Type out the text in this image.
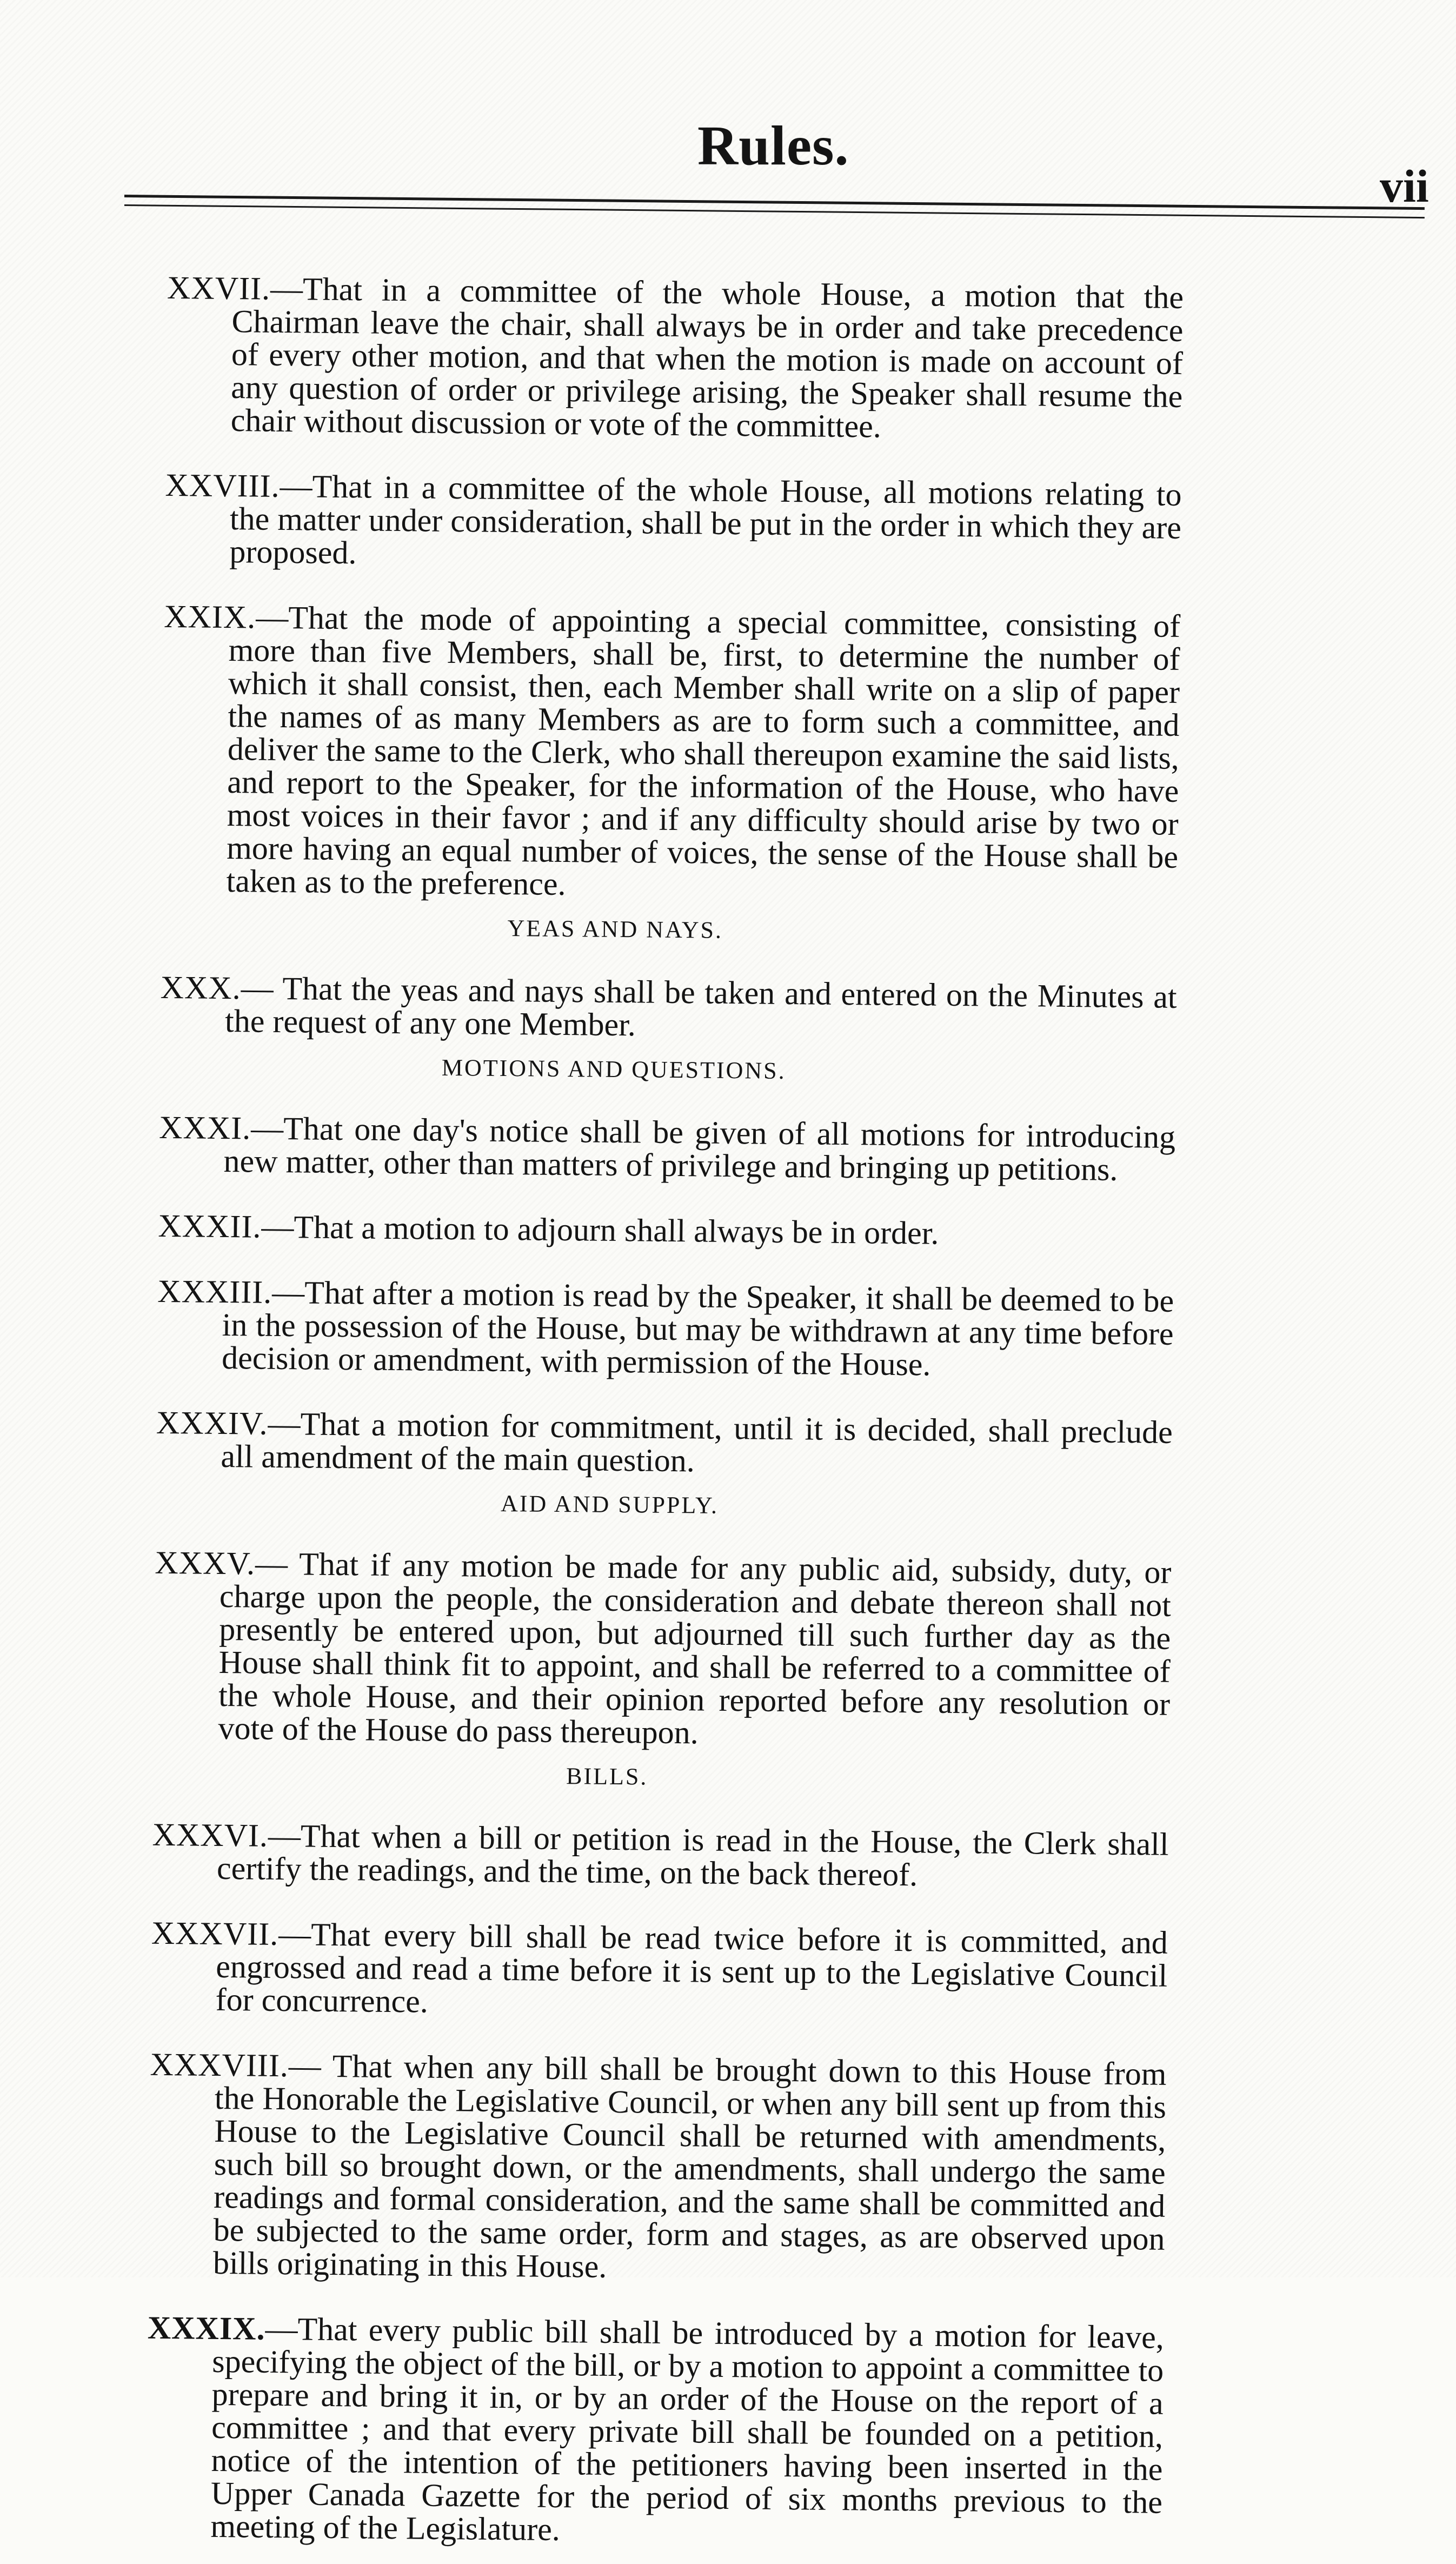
Rules.
vii

XXVII.—That in a committee of the whole House, a motion that the Chairman leave the chair, shall always be in order and take precedence of every other motion, and that when the motion is made on account of any question of order or privilege arising, the Speaker shall resume the chair without discussion or vote of the committee.

XXVIII.—That in a committee of the whole House, all motions relating to the matter under consideration, shall be put in the order in which they are proposed.

XXIX.—That the mode of appointing a special committee, consisting of more than five Members, shall be, first, to determine the number of which it shall consist, then, each Member shall write on a slip of paper the names of as many Members as are to form such a committee, and deliver the same to the Clerk, who shall thereupon examine the said lists, and report to the Speaker, for the information of the House, who have most voices in their favor ; and if any difficulty should arise by two or more having an equal number of voices, the sense of the House shall be taken as to the preference.

YEAS AND NAYS.

XXX.— That the yeas and nays shall be taken and entered on the Minutes at the request of any one Member.

MOTIONS AND QUESTIONS.

XXXI.—That one day's notice shall be given of all motions for introducing new matter, other than matters of privilege and bringing up petitions.

XXXII.—That a motion to adjourn shall always be in order.

XXXIII.—That after a motion is read by the Speaker, it shall be deemed to be in the possession of the House, but may be withdrawn at any time before decision or amendment, with permission of the House.

XXXIV.—That a motion for commitment, until it is decided, shall preclude all amendment of the main question.

AID AND SUPPLY.

XXXV.— That if any motion be made for any public aid, subsidy, duty, or charge upon the people, the consideration and debate thereon shall not presently be entered upon, but adjourned till such further day as the House shall think fit to appoint, and shall be referred to a committee of the whole House, and their opinion reported before any resolution or vote of the House do pass thereupon.

BILLS.

XXXVI.—That when a bill or petition is read in the House, the Clerk shall certify the readings, and the time, on the back thereof.

XXXVII.—That every bill shall be read twice before it is committed, and engrossed and read a time before it is sent up to the Legislative Council for concurrence.

XXXVIII.— That when any bill shall be brought down to this House from the Honorable the Legislative Council, or when any bill sent up from this House to the Legislative Council shall be returned with amendments, such bill so brought down, or the amendments, shall undergo the same readings and formal consideration, and the same shall be committed and be subjected to the same order, form and stages, as are observed upon bills originating in this House.

XXXIX.—That every public bill shall be introduced by a motion for leave, specifying the object of the bill, or by a motion to appoint a committee to prepare and bring it in, or by an order of the House on the report of a committee ; and that every private bill shall be founded on a petition, notice of the intention of the petitioners having been inserted in the Upper Canada Gazette for the period of six months previous to the meeting of the Legislature.
